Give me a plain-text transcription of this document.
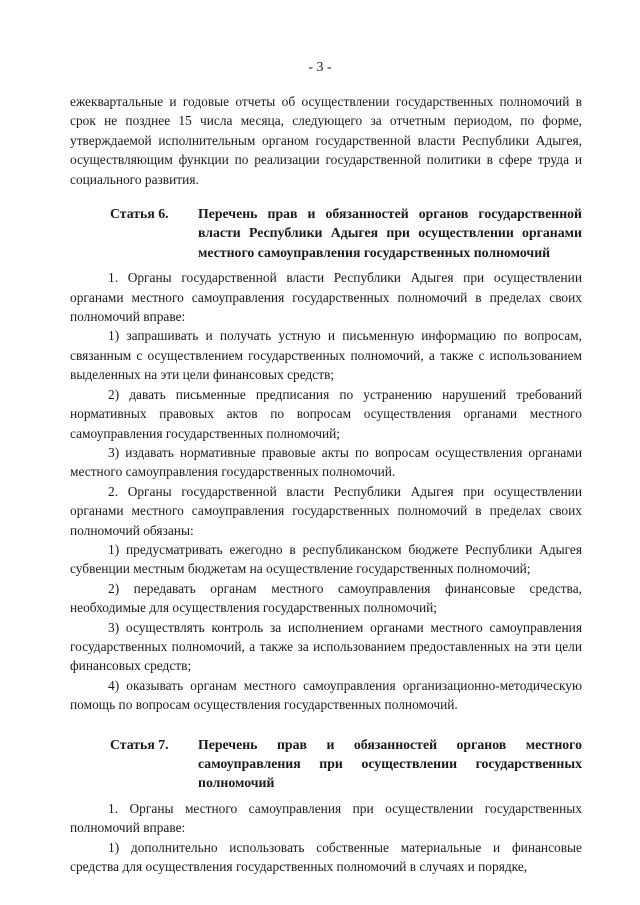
- 3 -

ежеквартальные и годовые отчеты об осуществлении государственных полномочий в срок не позднее 15 числа месяца, следующего за отчетным периодом, по форме, утверждаемой исполнительным органом государственной власти Республики Адыгея, осуществляющим функции по реализации государственной политики в сфере труда и социального развития.

Статья 6.	Перечень прав и обязанностей органов государственной власти Республики Адыгея при осуществлении органами местного самоуправления государственных полномочий

1. Органы государственной власти Республики Адыгея при осуществлении органами местного самоуправления государственных полномочий в пределах своих полномочий вправе:

1) запрашивать и получать устную и письменную информацию по вопросам, связанным с осуществлением государственных полномочий, а также с использованием выделенных на эти цели финансовых средств;

2) давать письменные предписания по устранению нарушений требований нормативных правовых актов по вопросам осуществления органами местного самоуправления государственных полномочий;

3) издавать нормативные правовые акты по вопросам осуществления органами местного самоуправления государственных полномочий.

2. Органы государственной власти Республики Адыгея при осуществлении органами местного самоуправления государственных полномочий в пределах своих полномочий обязаны:

1) предусматривать ежегодно в республиканском бюджете Республики Адыгея субвенции местным бюджетам на осуществление государственных полномочий;

2) передавать органам местного самоуправления финансовые средства, необходимые для осуществления государственных полномочий;

3) осуществлять контроль за исполнением органами местного самоуправления государственных полномочий, а также за использованием предоставленных на эти цели финансовых средств;

4) оказывать органам местного самоуправления организационно-методическую помощь по вопросам осуществления государственных полномочий.

Статья 7.	Перечень прав и обязанностей органов местного самоуправления при осуществлении государственных полномочий

1. Органы местного самоуправления при осуществлении государственных полномочий вправе:

1) дополнительно использовать собственные материальные и финансовые средства для осуществления государственных полномочий в случаях и порядке,
